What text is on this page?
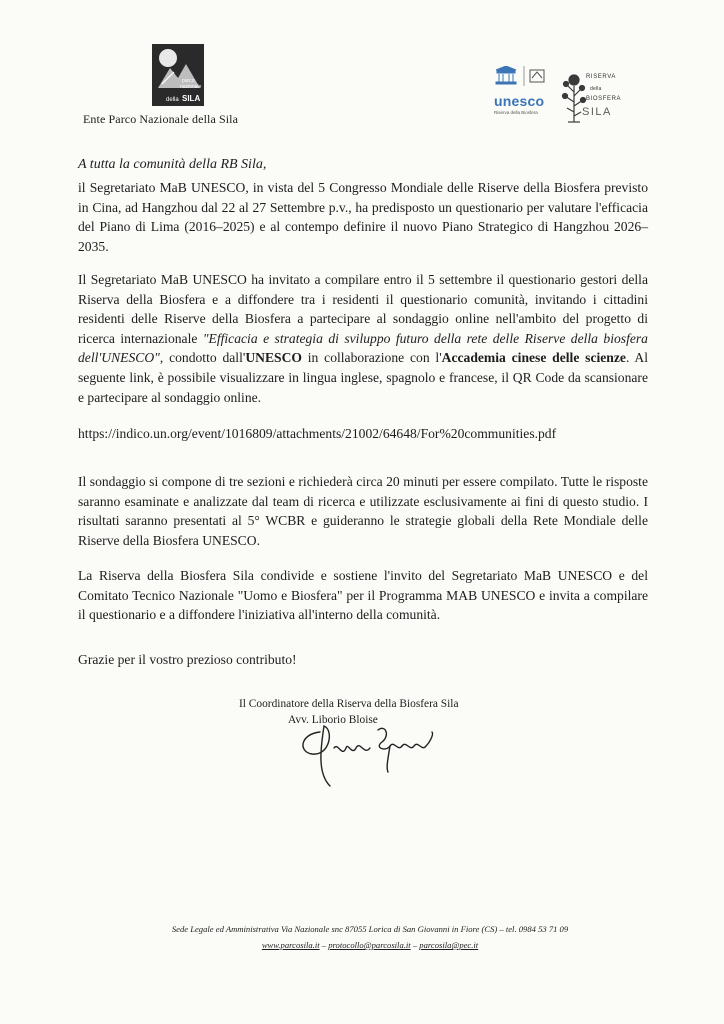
parco
nazionale
della SILA
Ente Parco Nazionale della Sila
unesco
Riserva della Biosfera
RISERVA
della
BIOSFERA
SILA
A tutta la comunità della RB Sila,

il Segretariato MaB UNESCO, in vista del 5 Congresso Mondiale delle Riserve della Biosfera previsto in Cina, ad Hangzhou dal 22 al 27 Settembre p.v., ha predisposto un questionario per valutare l'efficacia del Piano di Lima (2016–2025) e al contempo definire il nuovo Piano Strategico di Hangzhou 2026–2035.

Il Segretariato MaB UNESCO ha invitato a compilare entro il 5 settembre il questionario gestori della Riserva della Biosfera e a diffondere tra i residenti il questionario comunità, invitando i cittadini residenti delle Riserve della Biosfera a partecipare al sondaggio online nell'ambito del progetto di ricerca internazionale "Efficacia e strategia di sviluppo futuro della rete delle Riserve della biosfera dell'UNESCO", condotto dall'UNESCO in collaborazione con l'Accademia cinese delle scienze. Al seguente link, è possibile visualizzare in lingua inglese, spagnolo e francese, il QR Code da scansionare e partecipare al sondaggio online.

https://indico.un.org/event/1016809/attachments/21002/64648/For%20communities.pdf

Il sondaggio si compone di tre sezioni e richiederà circa 20 minuti per essere compilato. Tutte le risposte saranno esaminate e analizzate dal team di ricerca e utilizzate esclusivamente ai fini di questo studio. I risultati saranno presentati al 5° WCBR e guideranno le strategie globali della Rete Mondiale delle Riserve della Biosfera UNESCO.

La Riserva della Biosfera Sila condivide e sostiene l'invito del Segretariato MaB UNESCO e del Comitato Tecnico Nazionale "Uomo e Biosfera" per il Programma MAB UNESCO e invita a compilare il questionario e a diffondere l'iniziativa all'interno della comunità.

Grazie per il vostro prezioso contributo!

Il Coordinatore della Riserva della Biosfera Sila
Avv. Liborio Bloise
Sede Legale ed Amministrativa Via Nazionale snc 87055 Lorica di San Giovanni in Fiore (CS) – tel. 0984 53 71 09
www.parcosila.it – protocollo@parcosila.it – parcosila@pec.it
